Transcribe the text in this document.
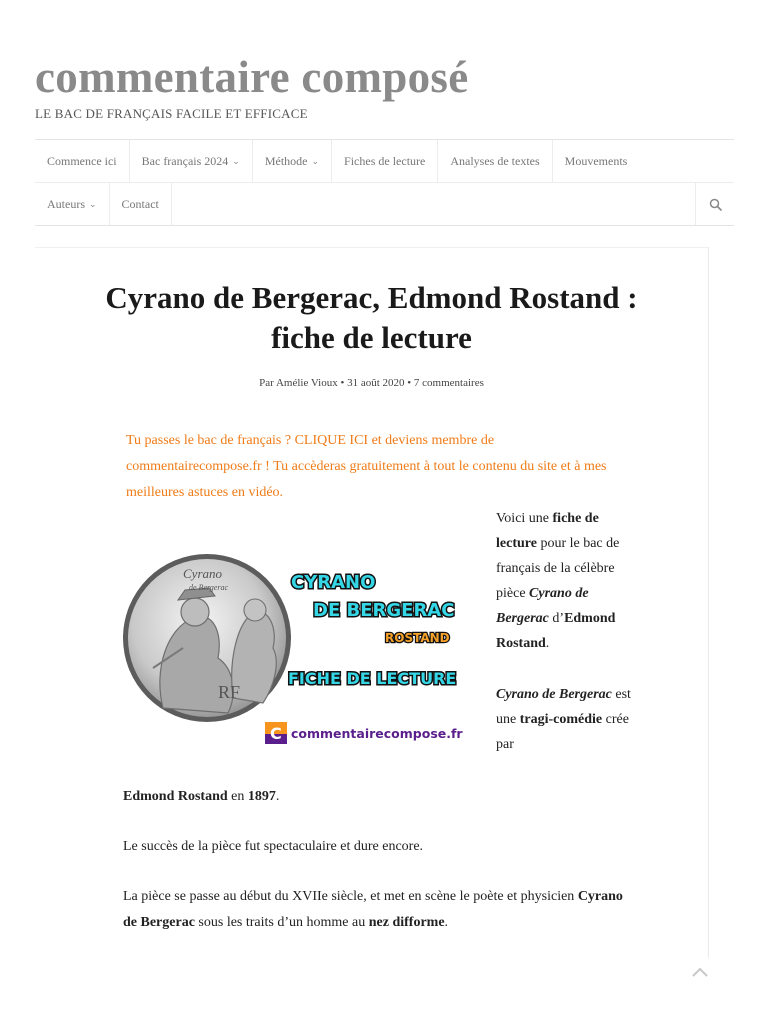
commentaire composé
LE BAC DE FRANÇAIS FACILE ET EFFICACE
Commence ici Bac français 2024 ⌄ Méthode ⌄ Fiches de lecture Analyses de textes Mouvements
Auteurs ⌄ Contact
Cyrano de Bergerac, Edmond Rostand :
fiche de lecture
Par Amélie Vioux • 31 août 2020 • 7 commentaires
Tu passes le bac de français ? CLIQUE ICI et deviens membre de commentairecompose.fr ! Tu accèderas gratuitement à tout le contenu du site et à mes meilleures astuces en vidéo.
Cyrano
de Bergerac
RF
CYRANO
DE BERGERAC
ROSTAND
FICHE DE LECTURE
C commentairecompose.fr

Voici une fiche de lecture pour le bac de français de la célèbre pièce Cyrano de Bergerac d’Edmond Rostand.

Cyrano de Bergerac est une tragi-comédie crée par

Edmond Rostand en 1897.

Le succès de la pièce fut spectaculaire et dure encore.

La pièce se passe au début du XVIIe siècle, et met en scène le poète et physicien Cyrano de Bergerac sous les traits d’un homme au nez difforme.
